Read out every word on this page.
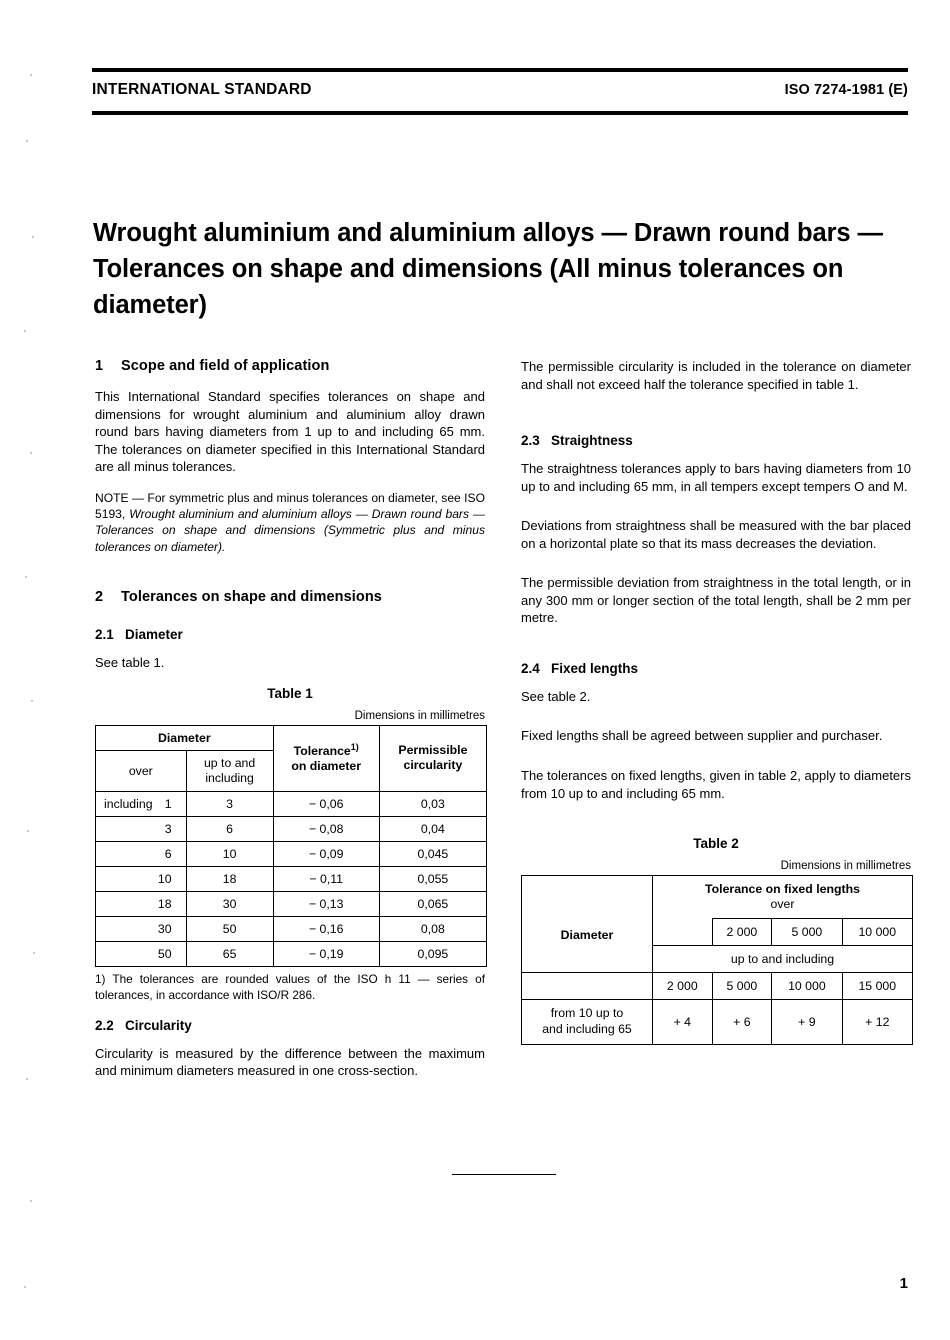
INTERNATIONAL STANDARD	ISO 7274-1981 (E)
Wrought aluminium and aluminium alloys — Drawn round bars — Tolerances on shape and dimensions (All minus tolerances on diameter)
1 Scope and field of application

This International Standard specifies tolerances on shape and dimensions for wrought aluminium and aluminium alloy drawn round bars having diameters from 1 up to and including 65 mm. The tolerances on diameter specified in this International Standard are all minus tolerances.

NOTE — For symmetric plus and minus tolerances on diameter, see ISO 5193, Wrought aluminium and aluminium alloys — Drawn round bars — Tolerances on shape and dimensions (Symmetric plus and minus tolerances on diameter).

2 Tolerances on shape and dimensions
2.1 Diameter

See table 1.

Table 1
Dimensions in millimetres
Diameter		Tolerance$^{1)}$
on diameter	Permissible
circularity
over	up to and including		

including 1	3	− 0,06	0,03
3	6	− 0,08	0,04
6	10	− 0,09	0,045
10	18	− 0,11	0,055
18	30	− 0,13	0,065
30	50	− 0,16	0,08
50	65	− 0,19	0,095

1) The tolerances are rounded values of the ISO h 11 — series of tolerances, in accordance with ISO/R 286.

2.2 Circularity

Circularity is measured by the difference between the maximum and minimum diameters measured in one cross-section.

The permissible circularity is included in the tolerance on diameter and shall not exceed half the tolerance specified in table 1.

2.3 Straightness

The straightness tolerances apply to bars having diameters from 10 up to and including 65 mm, in all tempers except tempers O and M.

Deviations from straightness shall be measured with the bar placed on a horizontal plate so that its mass decreases the deviation.

The permissible deviation from straightness in the total length, or in any 300 mm or longer section of the total length, shall be 2 mm per metre.

2.4 Fixed lengths

See table 2.

Fixed lengths shall be agreed between supplier and purchaser.

The tolerances on fixed lengths, given in table 2, apply to diameters from 10 up to and including 65 mm.

Table 2
Dimensions in millimetres
Diameter	Tolerance on fixed lengths
over			
		2 000	5 000	10 000
	up to and including			
	2 000	5 000	10 000	15 000
from 10 up to
and including 65	+ 4	+ 6	+ 9	+ 12
1
